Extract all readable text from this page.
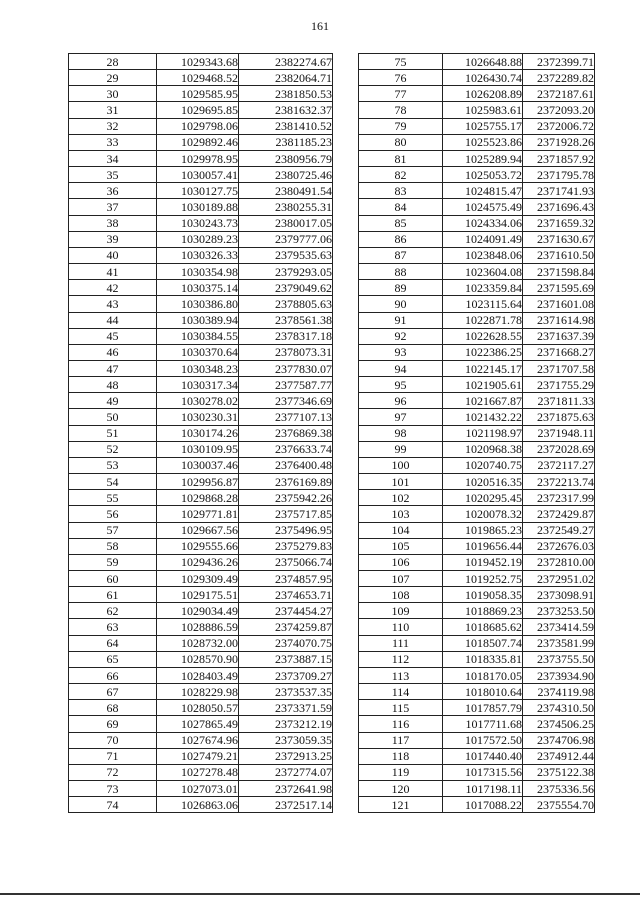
161
28	1029343.68	2382274.67
29	1029468.52	2382064.71
30	1029585.95	2381850.53
31	1029695.85	2381632.37
32	1029798.06	2381410.52
33	1029892.46	2381185.23
34	1029978.95	2380956.79
35	1030057.41	2380725.46
36	1030127.75	2380491.54
37	1030189.88	2380255.31
38	1030243.73	2380017.05
39	1030289.23	2379777.06
40	1030326.33	2379535.63
41	1030354.98	2379293.05
42	1030375.14	2379049.62
43	1030386.80	2378805.63
44	1030389.94	2378561.38
45	1030384.55	2378317.18
46	1030370.64	2378073.31
47	1030348.23	2377830.07
48	1030317.34	2377587.77
49	1030278.02	2377346.69
50	1030230.31	2377107.13
51	1030174.26	2376869.38
52	1030109.95	2376633.74
53	1030037.46	2376400.48
54	1029956.87	2376169.89
55	1029868.28	2375942.26
56	1029771.81	2375717.85
57	1029667.56	2375496.95
58	1029555.66	2375279.83
59	1029436.26	2375066.74
60	1029309.49	2374857.95
61	1029175.51	2374653.71
62	1029034.49	2374454.27
63	1028886.59	2374259.87
64	1028732.00	2374070.75
65	1028570.90	2373887.15
66	1028403.49	2373709.27
67	1028229.98	2373537.35
68	1028050.57	2373371.59
69	1027865.49	2373212.19
70	1027674.96	2373059.35
71	1027479.21	2372913.25
72	1027278.48	2372774.07
73	1027073.01	2372641.98
74	1026863.06	2372517.14
75	1026648.88	2372399.71
76	1026430.74	2372289.82
77	1026208.89	2372187.61
78	1025983.61	2372093.20
79	1025755.17	2372006.72
80	1025523.86	2371928.26
81	1025289.94	2371857.92
82	1025053.72	2371795.78
83	1024815.47	2371741.93
84	1024575.49	2371696.43
85	1024334.06	2371659.32
86	1024091.49	2371630.67
87	1023848.06	2371610.50
88	1023604.08	2371598.84
89	1023359.84	2371595.69
90	1023115.64	2371601.08
91	1022871.78	2371614.98
92	1022628.55	2371637.39
93	1022386.25	2371668.27
94	1022145.17	2371707.58
95	1021905.61	2371755.29
96	1021667.87	2371811.33
97	1021432.22	2371875.63
98	1021198.97	2371948.11
99	1020968.38	2372028.69
100	1020740.75	2372117.27
101	1020516.35	2372213.74
102	1020295.45	2372317.99
103	1020078.32	2372429.87
104	1019865.23	2372549.27
105	1019656.44	2372676.03
106	1019452.19	2372810.00
107	1019252.75	2372951.02
108	1019058.35	2373098.91
109	1018869.23	2373253.50
110	1018685.62	2373414.59
111	1018507.74	2373581.99
112	1018335.81	2373755.50
113	1018170.05	2373934.90
114	1018010.64	2374119.98
115	1017857.79	2374310.50
116	1017711.68	2374506.25
117	1017572.50	2374706.98
118	1017440.40	2374912.44
119	1017315.56	2375122.38
120	1017198.11	2375336.56
121	1017088.22	2375554.70
